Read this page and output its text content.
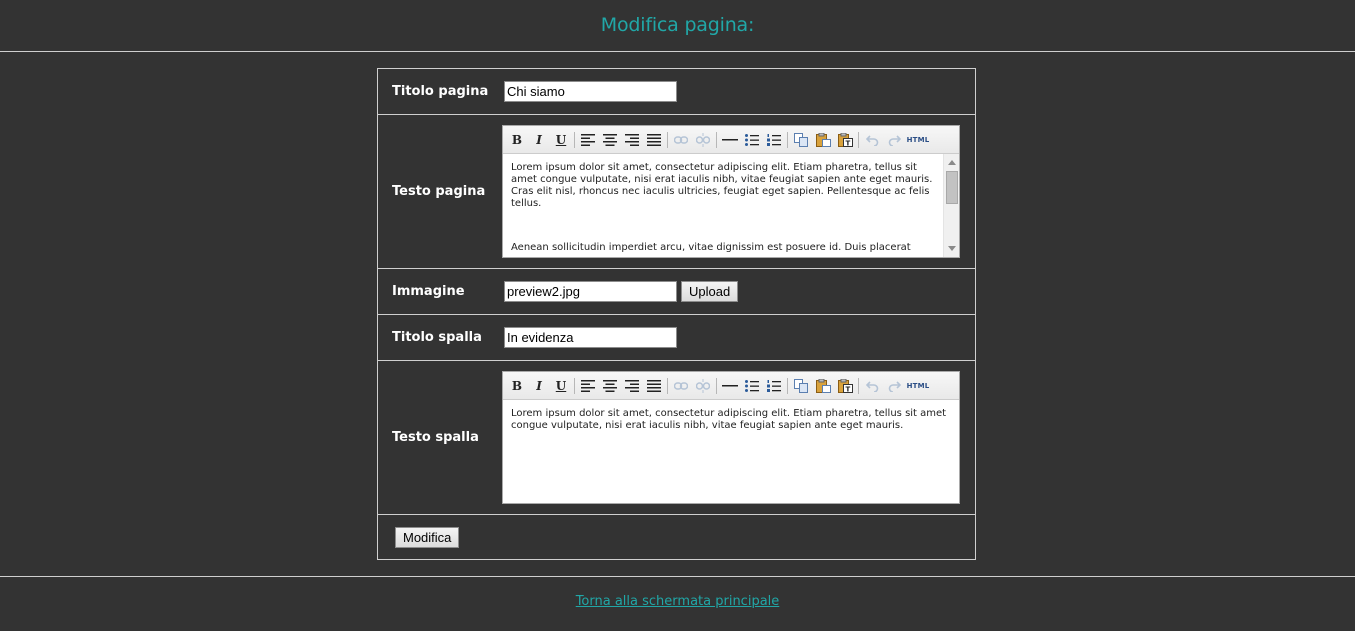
Modifica pagina:
Titolo pagina
Chi siamo
Testo pagina
B I U	T	HTML

Lorem ipsum dolor sit amet, consectetur adipiscing elit. Etiam pharetra, tellus sit amet congue vulputate, nisi erat iaculis nibh, vitae feugiat sapien ante eget mauris. Cras elit nisl, rhoncus nec iaculis ultricies, feugiat eget sapien. Pellentesque ac felis tellus.

Aenean sollicitudin imperdiet arcu, vitae dignissim est posuere id. Duis placerat

Immagine
preview2.jpg	Upload
Titolo spalla
In evidenza
Testo spalla
B I U	T	HTML

Lorem ipsum dolor sit amet, consectetur adipiscing elit. Etiam pharetra, tellus sit amet congue vulputate, nisi erat iaculis nibh, vitae feugiat sapien ante eget mauris.

Modifica
Torna alla schermata principale
